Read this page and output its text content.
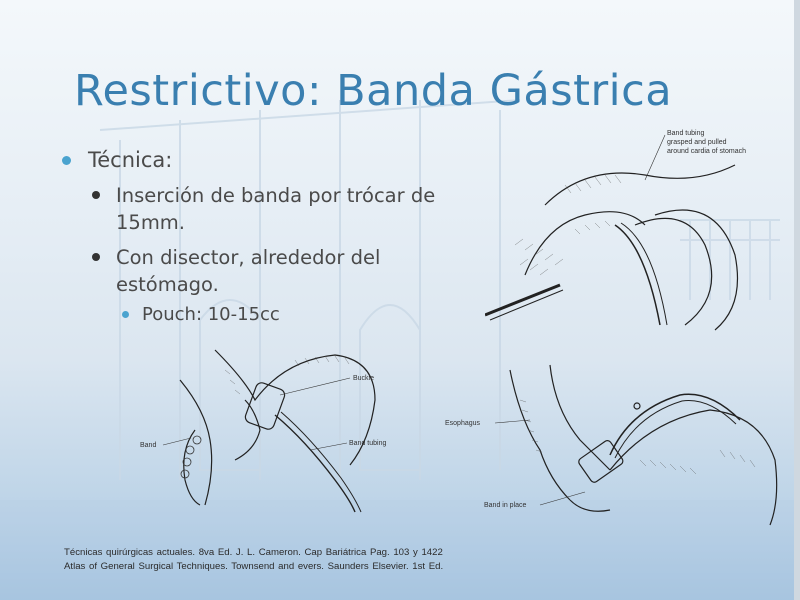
Restrictivo: Banda Gástrica
Técnica:
Inserción de banda por trócar de 15mm.
Con disector, alrededor del estómago.
Pouch: 10-15cc
Band tubing
grasped and pulled
around cardia of stomach
Buckle
Band	Band tubing
Esophagus
Band in place
Técnicas quirúrgicas actuales. 8va Ed. J. L. Cameron. Cap Bariátrica Pag. 103 y 1422
Atlas of General Surgical Techniques. Townsend and evers. Saunders Elsevier. 1st Ed.
